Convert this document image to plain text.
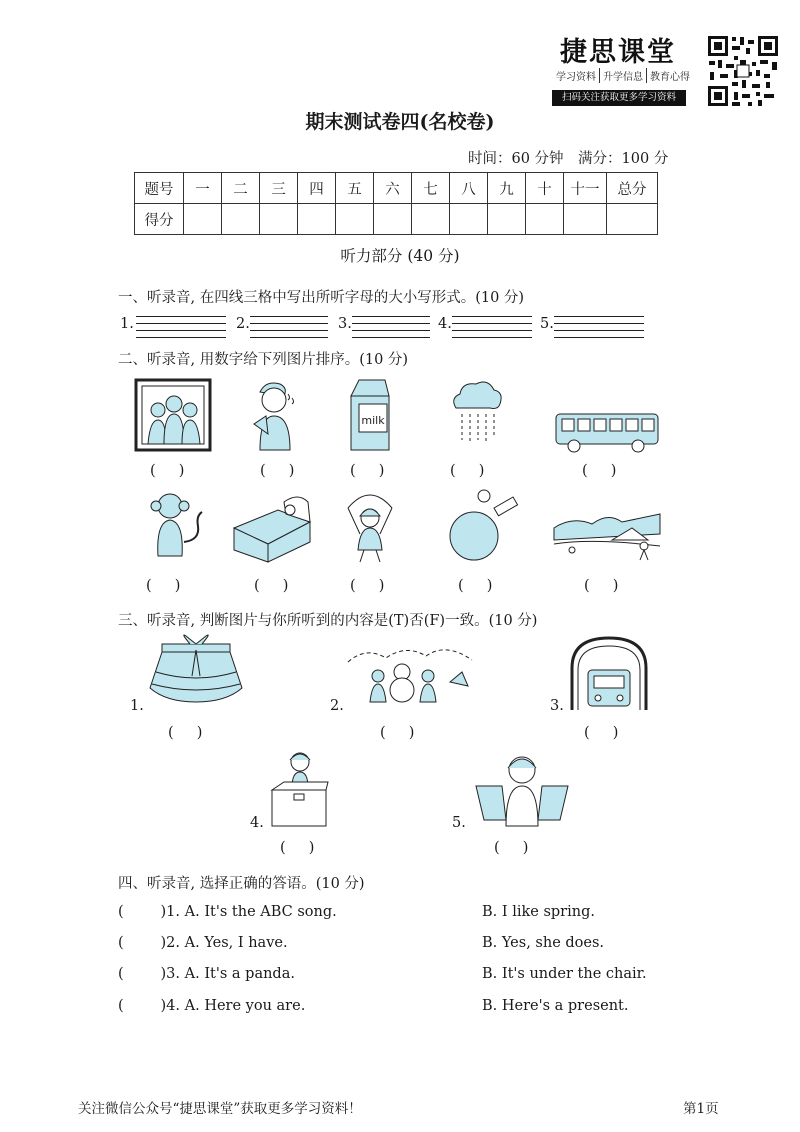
捷思课堂
学习资料 升学信息 教育心得
扫码关注获取更多学习资料
期末测试卷四(名校卷)
时间：60 分钟　满分：100 分
题号	一	二	三	四	五	六	七	八	九	十	十一	总分
得分												
听力部分 (40 分)
一、听录音, 在四线三格中写出所听字母的大小写形式。(10 分)
1.	2.	3.	4.	5.
二、听录音, 用数字给下列图片排序。(10 分)
milk
(     )	(     )	(     )	(     )	(     )
(     )	(     )	(     )	(     )	(     )
三、听录音, 判断图片与你所听到的内容是(T)否(F)一致。(10 分)
1.	2.	3.
(     )	(     )	(     )
4.	5.
(     )	(     )
四、听录音, 选择正确的答语。(10 分)
(        )1. A. It's the ABC song.	B. I like spring.
(        )2. A. Yes, I have.	B. Yes, she does.
(        )3. A. It's a panda.	B. It's under the chair.
(        )4. A. Here you are.	B. Here's a present.
关注微信公众号“捷思课堂”获取更多学习资料！	第1页
